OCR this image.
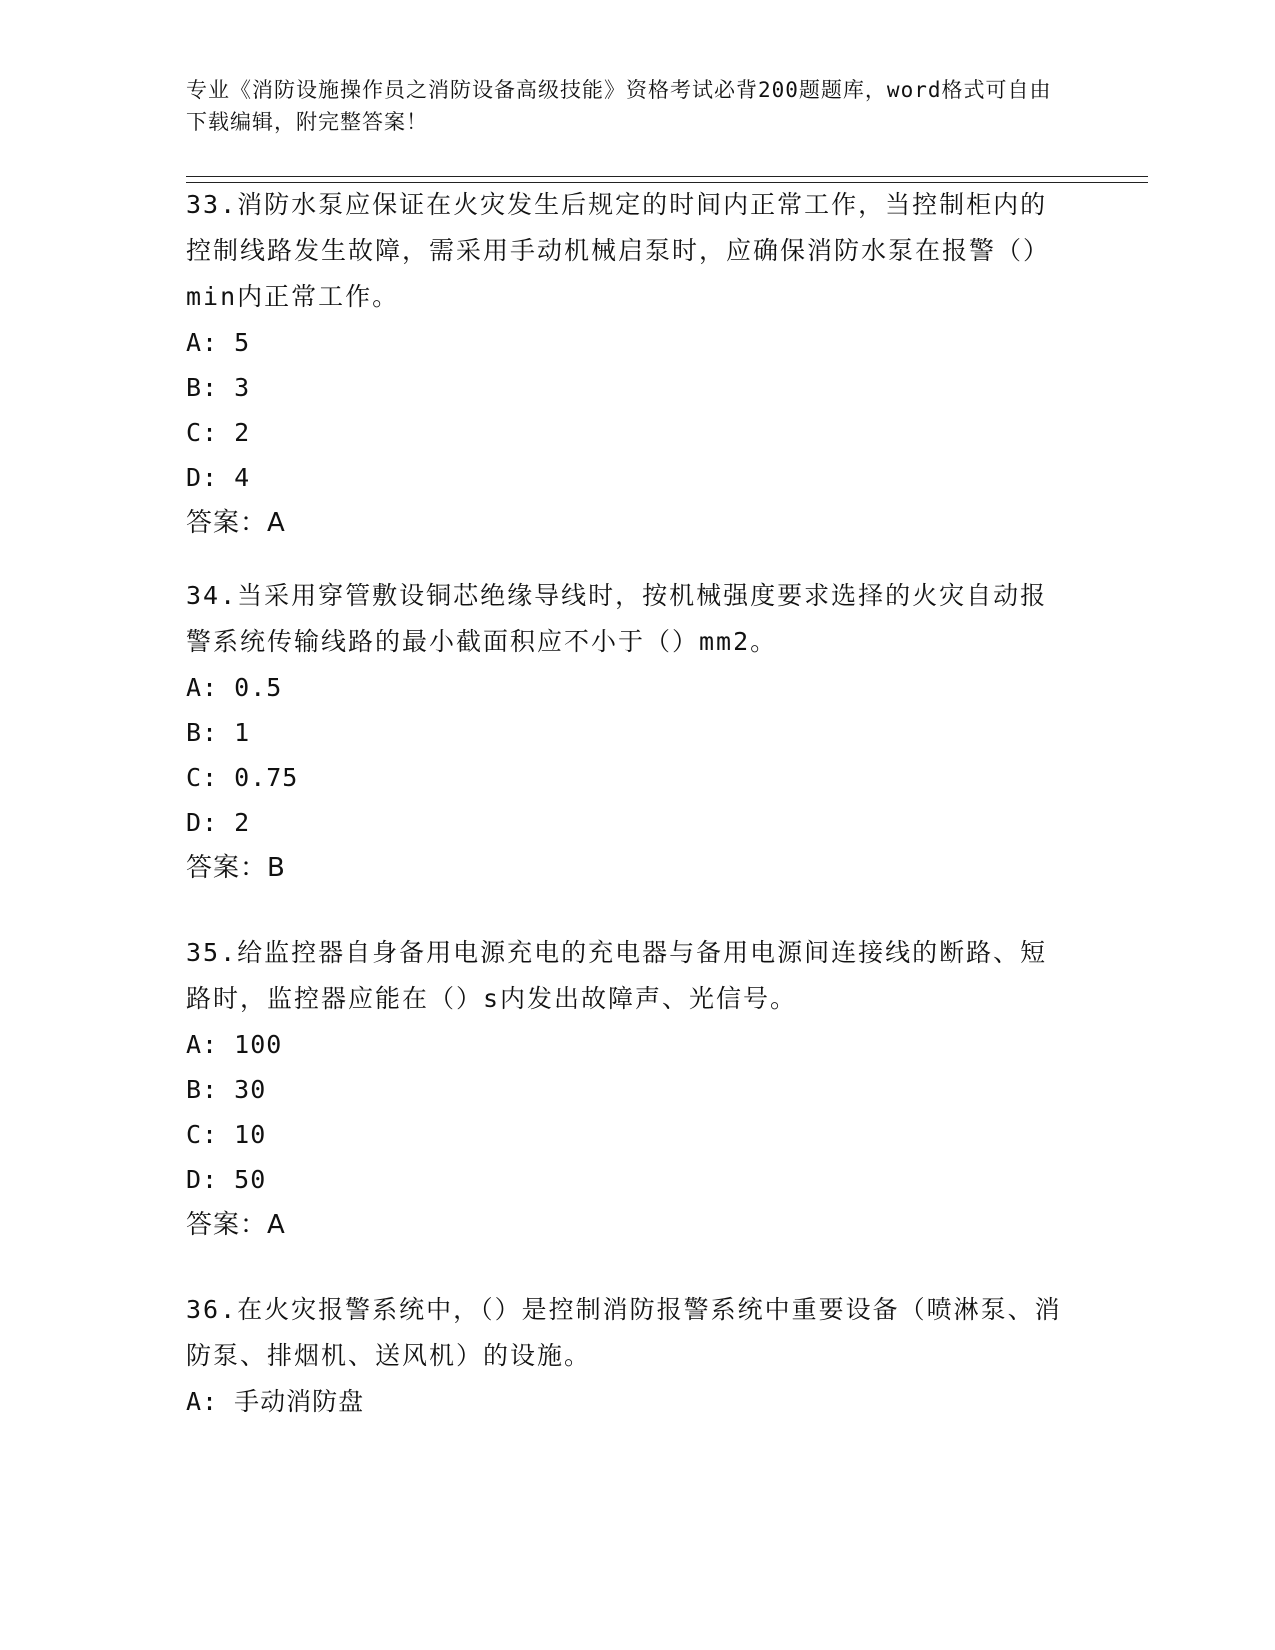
专业《消防设施操作员之消防设备高级技能》资格考试必背200题题库，word格式可自由下载编辑，附完整答案！

33.消防水泵应保证在火灾发生后规定的时间内正常工作，当控制柜内的控制线路发生故障，需采用手动机械启泵时，应确保消防水泵在报警（）min内正常工作。

A: 5
B: 3
C: 2
D: 4
答案：A

34.当采用穿管敷设铜芯绝缘导线时，按机械强度要求选择的火灾自动报警系统传输线路的最小截面积应不小于（）mm2。

A: 0.5
B: 1
C: 0.75
D: 2
答案：B

35.给监控器自身备用电源充电的充电器与备用电源间连接线的断路、短路时，监控器应能在（）s内发出故障声、光信号。

A: 100
B: 30
C: 10
D: 50
答案：A

36.在火灾报警系统中，（）是控制消防报警系统中重要设备（喷淋泵、消防泵、排烟机、送风机）的设施。

A: 手动消防盘
